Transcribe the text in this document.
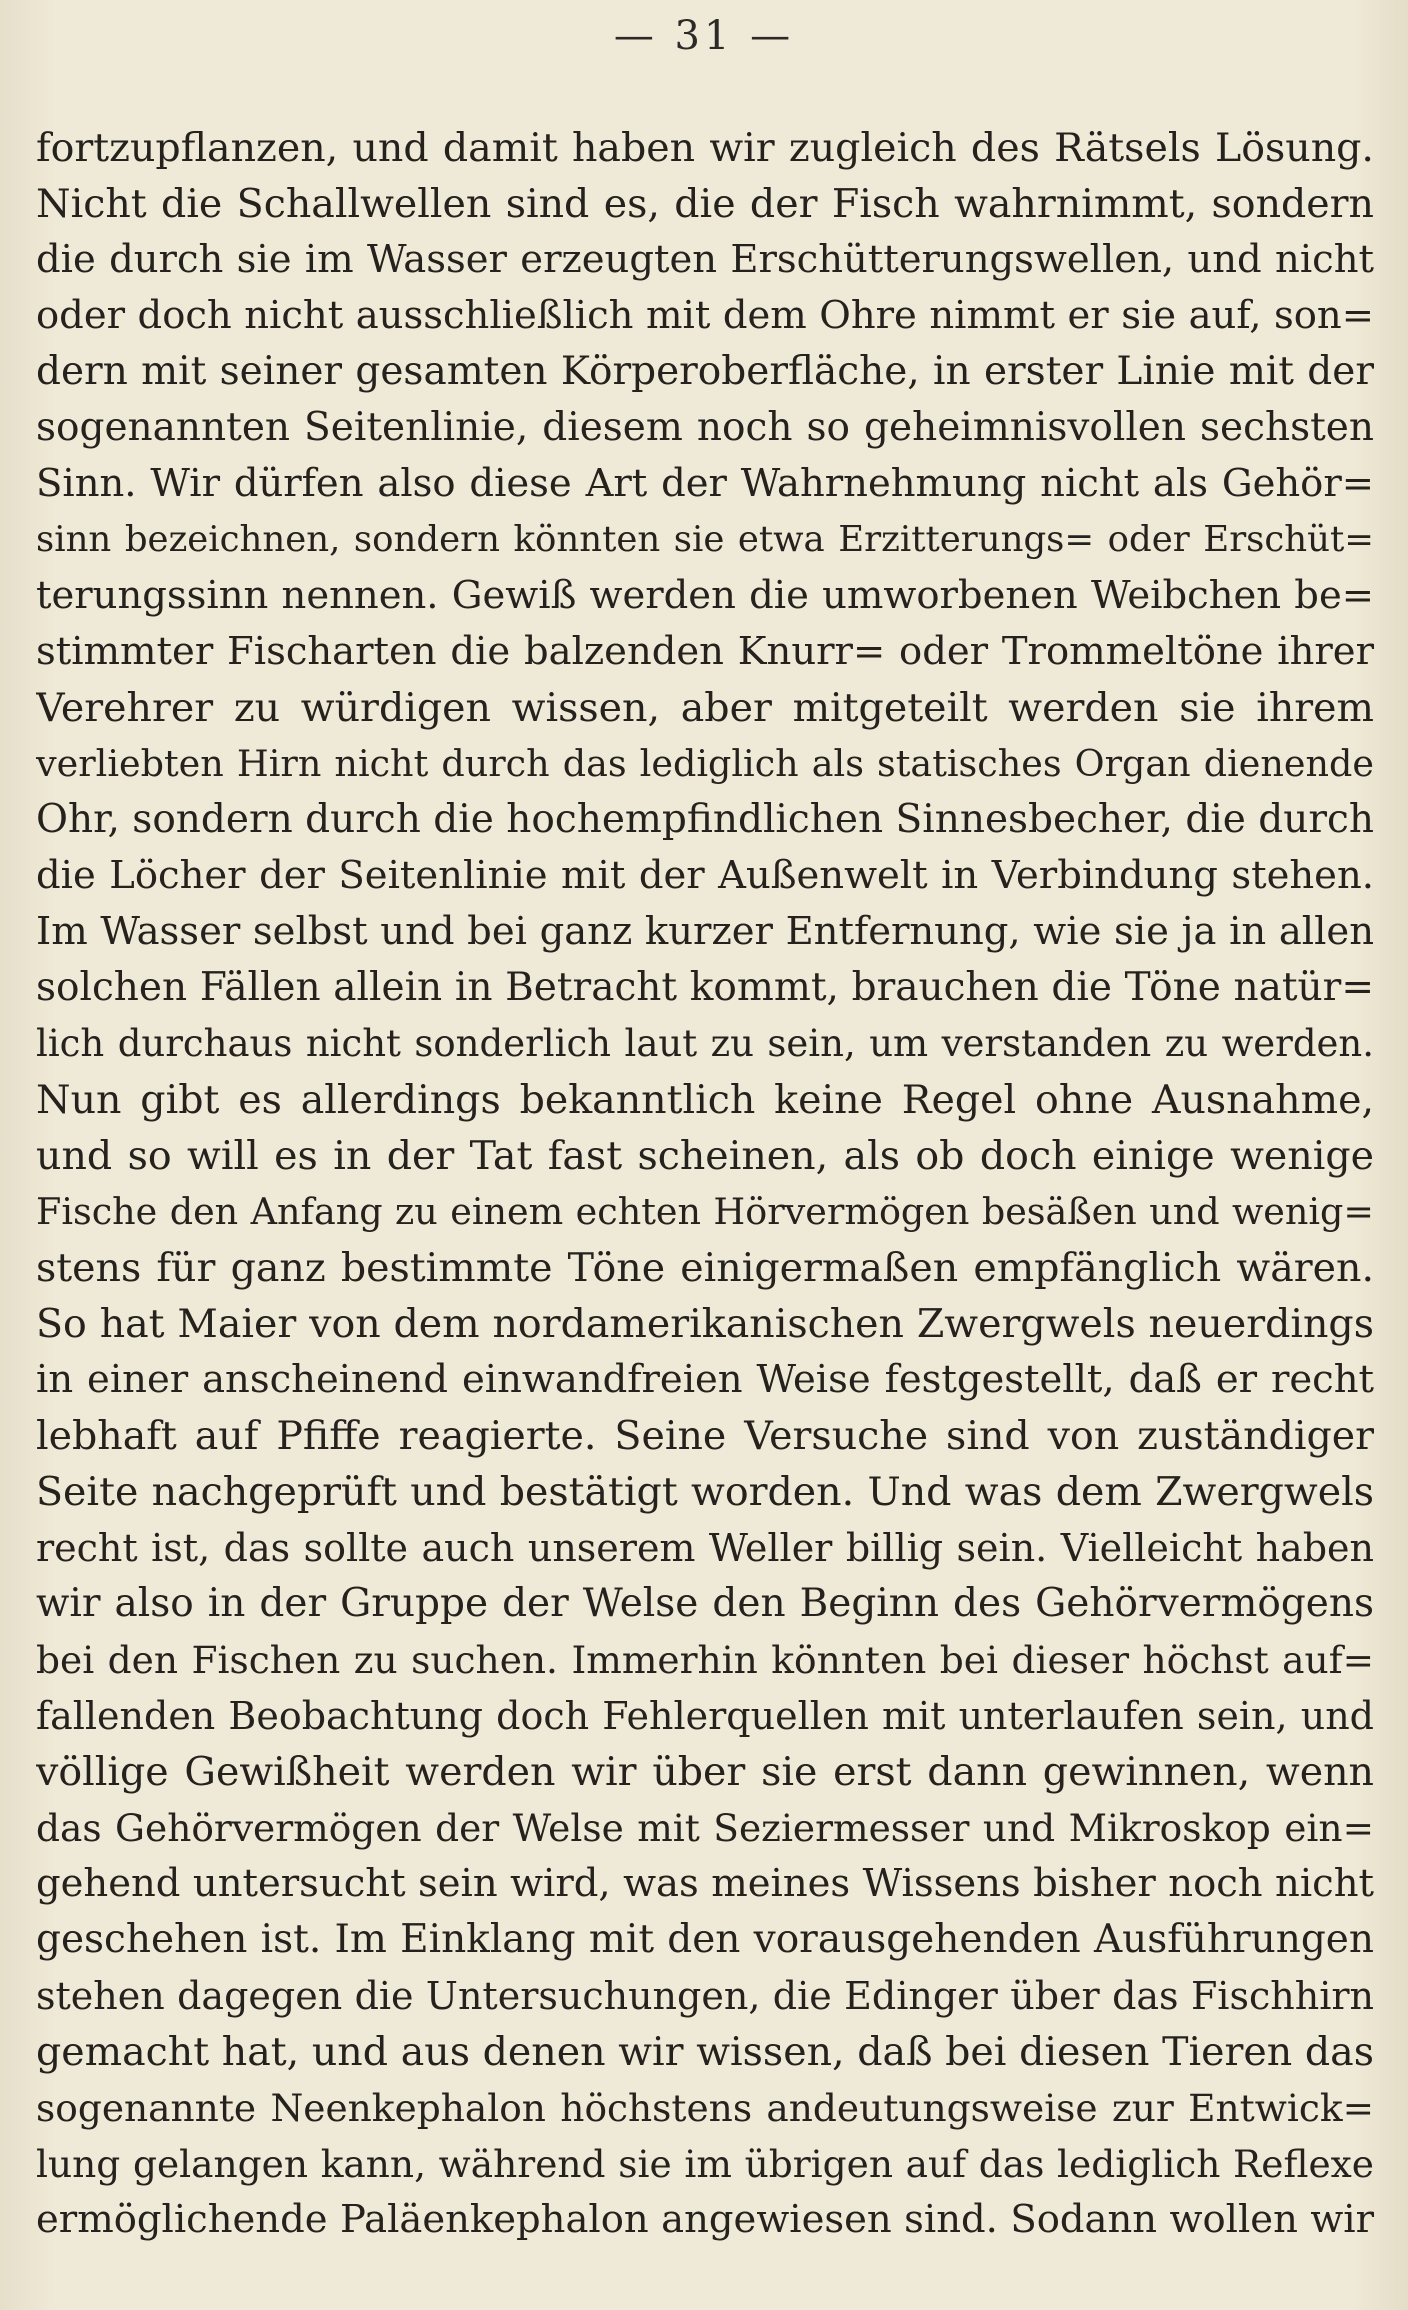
— 31 —
fortzupflanzen, und damit haben wir zugleich des Rätsels Lösung.
Nicht die Schallwellen sind es, die der Fisch wahrnimmt, sondern
die durch sie im Wasser erzeugten Erschütterungswellen, und nicht
oder doch nicht ausschließlich mit dem Ohre nimmt er sie auf, son=
dern mit seiner gesamten Körperoberfläche, in erster Linie mit der
sogenannten Seitenlinie, diesem noch so geheimnisvollen sechsten
Sinn. Wir dürfen also diese Art der Wahrnehmung nicht als Gehör=
sinn bezeichnen, sondern könnten sie etwa Erzitterungs= oder Erschüt=
terungssinn nennen. Gewiß werden die umworbenen Weibchen be=
stimmter Fischarten die balzenden Knurr= oder Trommeltöne ihrer
Verehrer zu würdigen wissen, aber mitgeteilt werden sie ihrem
verliebten Hirn nicht durch das lediglich als statisches Organ dienende
Ohr, sondern durch die hochempfindlichen Sinnesbecher, die durch
die Löcher der Seitenlinie mit der Außenwelt in Verbindung stehen.
Im Wasser selbst und bei ganz kurzer Entfernung, wie sie ja in allen
solchen Fällen allein in Betracht kommt, brauchen die Töne natür=
lich durchaus nicht sonderlich laut zu sein, um verstanden zu werden.
Nun gibt es allerdings bekanntlich keine Regel ohne Ausnahme,
und so will es in der Tat fast scheinen, als ob doch einige wenige
Fische den Anfang zu einem echten Hörvermögen besäßen und wenig=
stens für ganz bestimmte Töne einigermaßen empfänglich wären.
So hat Maier von dem nordamerikanischen Zwergwels neuerdings
in einer anscheinend einwandfreien Weise festgestellt, daß er recht
lebhaft auf Pfiffe reagierte. Seine Versuche sind von zuständiger
Seite nachgeprüft und bestätigt worden. Und was dem Zwergwels
recht ist, das sollte auch unserem Weller billig sein. Vielleicht haben
wir also in der Gruppe der Welse den Beginn des Gehörvermögens
bei den Fischen zu suchen. Immerhin könnten bei dieser höchst auf=
fallenden Beobachtung doch Fehlerquellen mit unterlaufen sein, und
völlige Gewißheit werden wir über sie erst dann gewinnen, wenn
das Gehörvermögen der Welse mit Seziermesser und Mikroskop ein=
gehend untersucht sein wird, was meines Wissens bisher noch nicht
geschehen ist. Im Einklang mit den vorausgehenden Ausführungen
stehen dagegen die Untersuchungen, die Edinger über das Fischhirn
gemacht hat, und aus denen wir wissen, daß bei diesen Tieren das
sogenannte Neenkephalon höchstens andeutungsweise zur Entwick=
lung gelangen kann, während sie im übrigen auf das lediglich Reflexe
ermöglichende Paläenkephalon angewiesen sind. Sodann wollen wir
